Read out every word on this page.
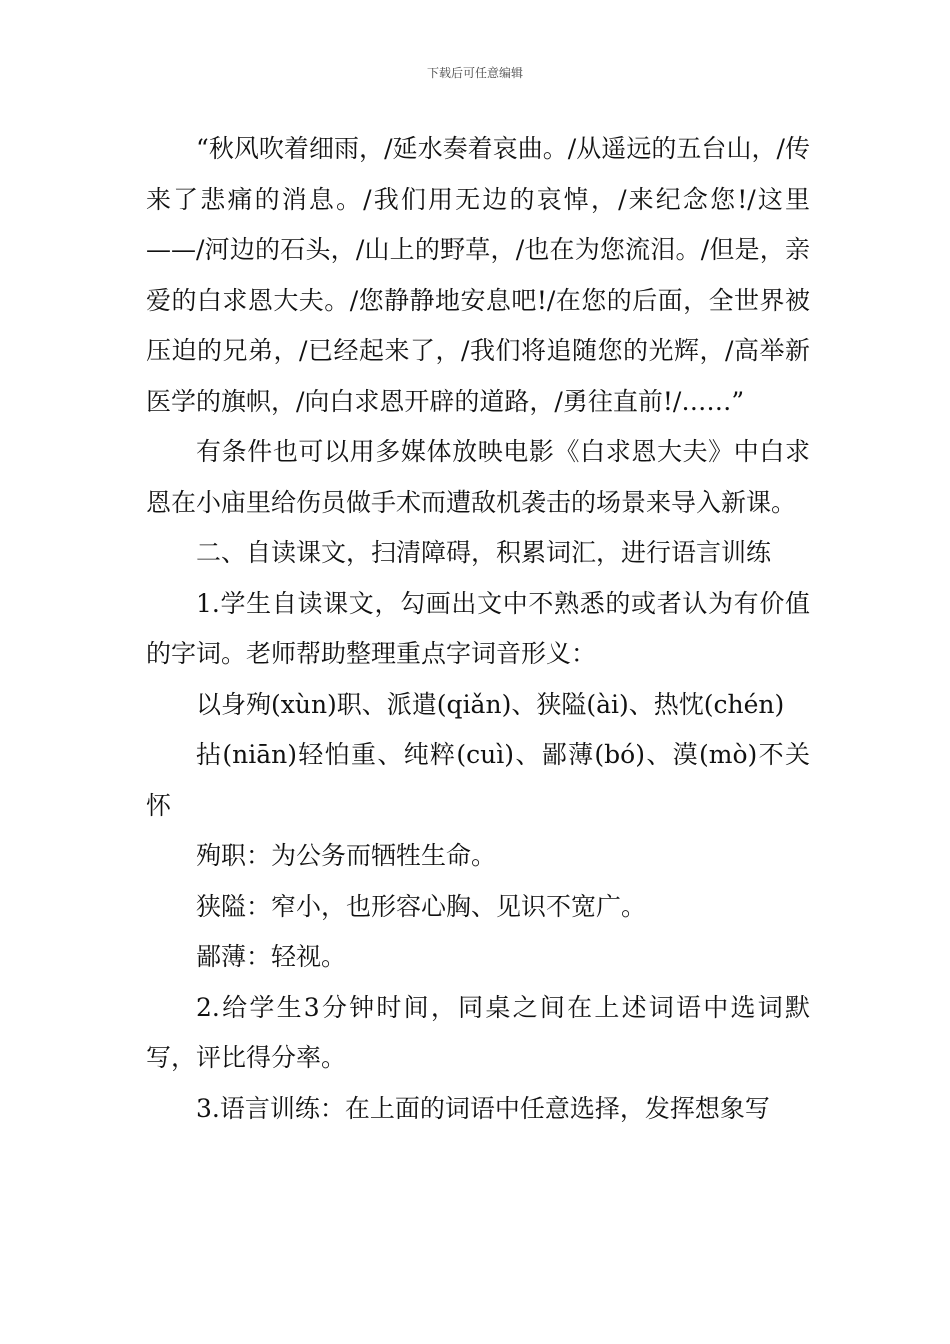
下载后可任意编辑

“秋风吹着细雨，/延水奏着哀曲。/从遥远的五台山，/传来了悲痛的消息。/我们用无边的哀悼，/来纪念您!/这里——/河边的石头，/山上的野草，/也在为您流泪。/但是，亲爱的白求恩大夫。/您静静地安息吧!/在您的后面，全世界被压迫的兄弟，/已经起来了，/我们将追随您的光辉，/高举新医学的旗帜，/向白求恩开辟的道路，/勇往直前!/……”

有条件也可以用多媒体放映电影《白求恩大夫》中白求恩在小庙里给伤员做手术而遭敌机袭击的场景来导入新课。

二、自读课文，扫清障碍，积累词汇，进行语言训练

1.学生自读课文，勾画出文中不熟悉的或者认为有价值的字词。老师帮助整理重点字词音形义：

以身殉(xùn)职、派遣(qiǎn)、狭隘(ài)、热忱(chén)

拈(niān)轻怕重、纯粹(cuì)、鄙薄(bó)、漠(mò)不关怀

殉职：为公务而牺牲生命。

狭隘：窄小，也形容心胸、见识不宽广。

鄙薄：轻视。

2.给学生3分钟时间，同桌之间在上述词语中选词默写，评比得分率。

3.语言训练：在上面的词语中任意选择，发挥想象写
